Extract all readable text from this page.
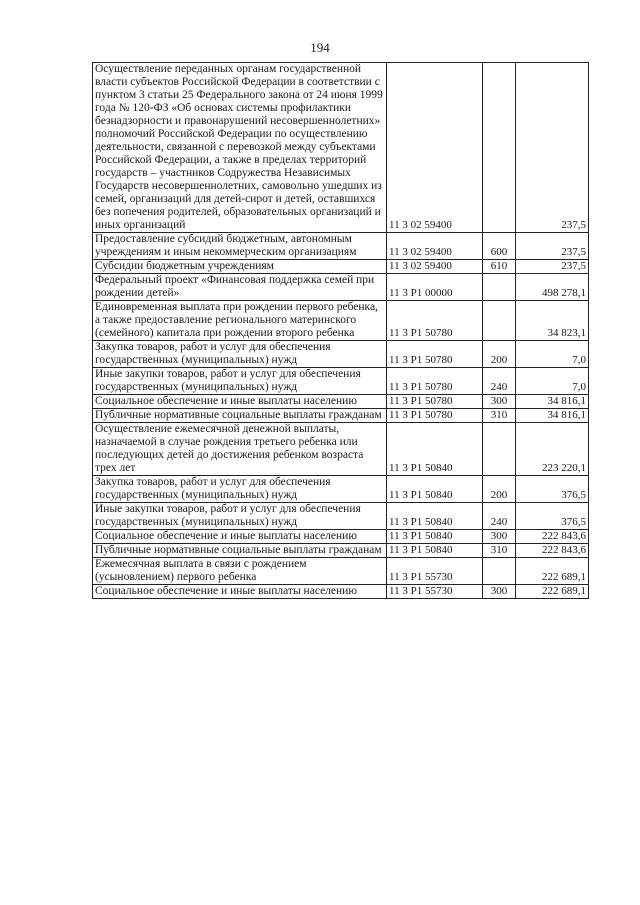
194
Осуществление переданных органам государственной власти субъектов Российской Федерации в соответствии с пунктом 3 статьи 25 Федерального закона от 24 июня 1999 года № 120-ФЗ «Об основах системы профилактики безнадзорности и правонарушений несовершеннолетних» полномочий Российской Федерации по осуществлению деятельности, связанной с перевозкой между субъектами Российской Федерации, а также в пределах территорий государств – участников Содружества Независимых Государств несовершеннолетних, самовольно ушедших из семей, организаций для детей-сирот и детей, оставшихся без попечения родителей, образовательных организаций и иных организаций	11 3 02 59400		237,5
Предоставление субсидий бюджетным, автономным учреждениям и иным некоммерческим организациям	11 3 02 59400	600	237,5
Субсидии бюджетным учреждениям	11 3 02 59400	610	237,5
Федеральный проект «Финансовая поддержка семей при рождении детей»	11 3 P1 00000		498 278,1
Единовременная выплата при рождении первого ребенка, а также предоставление регионального материнского (семейного) капитала при рождении второго ребенка	11 3 P1 50780		34 823,1
Закупка товаров, работ и услуг для обеспечения государственных (муниципальных) нужд	11 3 P1 50780	200	7,0
Иные закупки товаров, работ и услуг для обеспечения государственных (муниципальных) нужд	11 3 P1 50780	240	7,0
Социальное обеспечение и иные выплаты населению	11 3 P1 50780	300	34 816,1
Публичные нормативные социальные выплаты гражданам	11 3 P1 50780	310	34 816,1
Осуществление ежемесячной денежной выплаты, назначаемой в случае рождения третьего ребенка или последующих детей до достижения ребенком возраста трех лет	11 3 P1 50840		223 220,1
Закупка товаров, работ и услуг для обеспечения государственных (муниципальных) нужд	11 3 P1 50840	200	376,5
Иные закупки товаров, работ и услуг для обеспечения государственных (муниципальных) нужд	11 3 P1 50840	240	376,5
Социальное обеспечение и иные выплаты населению	11 3 P1 50840	300	222 843,6
Публичные нормативные социальные выплаты гражданам	11 3 P1 50840	310	222 843,6
Ежемесячная выплата в связи с рождением (усыновлением) первого ребенка	11 3 P1 55730		222 689,1
Социальное обеспечение и иные выплаты населению	11 3 P1 55730	300	222 689,1
